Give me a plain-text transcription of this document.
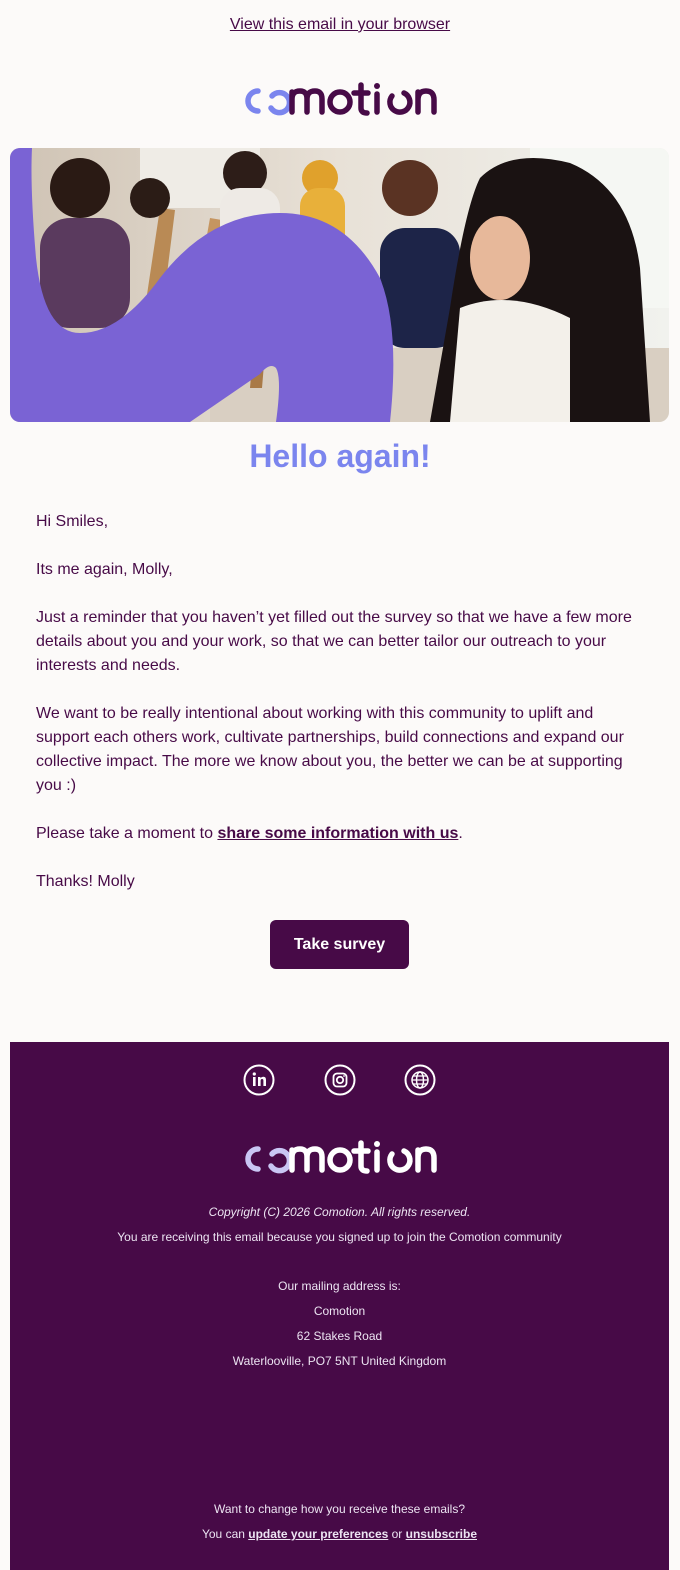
View this email in your browser
Hello again!

Hi Smiles,

Its me again, Molly,

Just a reminder that you haven’t yet filled out the survey so that we have a few more details about you and your work, so that we can better tailor our outreach to your interests and needs.

We want to be really intentional about working with this community to uplift and support each others work, cultivate partnerships, build connections and expand our collective impact. The more we know about you, the better we can be at supporting you :)

Please take a moment to share some information with us.

Thanks! Molly

Take survey

Copyright (C) 2026 Comotion. All rights reserved.
You are receiving this email because you signed up to join the Comotion community
Our mailing address is:
Comotion
62 Stakes Road
Waterlooville, PO7 5NT United Kingdom
Want to change how you receive these emails?
You can update your preferences or unsubscribe
